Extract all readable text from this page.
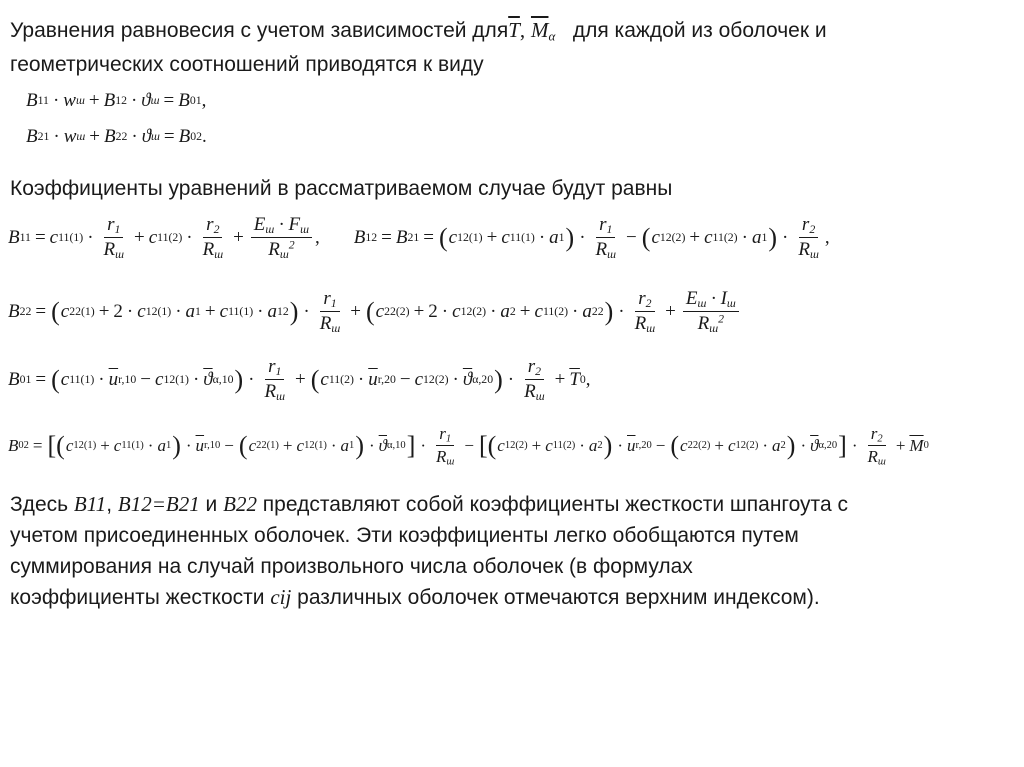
Уравнения равновесия с учетом зависимостей $для\overline{T}$, $\overline{M}_\alpha$ для каждой из оболочек и
геометрических соотношений приводятся к виду
B 11 · w ш + B 12 · ϑ ш = B 01 ,
B 21 · w ш + B 22 · ϑ ш = B 02 .
Коэффициенты уравнений в рассматриваемом случае будут равны
B 11 = c 11 $(1) \cdot \frac{r_1}{R_ш} + c$ 11 $(2) \cdot \frac{r_2}{R_ш} + \frac{E_ш \cdot F_ш}{R_ш^2}$ , B 12 = B 21 = ( c 12 (1) + c 11 (1) · a 1 ) · $\frac{r_1}{R_ш}$ − ( c 12 (2) + c 11 (2) · a 1 ) · $\frac{r_2}{R_ш}$ ,
B 22 = ( c 22 (1) + 2 · c 12 (1) · a 1 + c 11 (1) · a 1 2 ) · $\frac{r_1}{R_ш}$ + ( c 22 (2) + 2 · c 12 (2) · a 2 + c 11 (2) · a 2 2 ) · $\frac{r_2}{R_ш} + \frac{E_ш \cdot I_ш}{R_ш^2}$
B 01 = ( c 11 $(1) \cdot \overline{u}$ r,1 0 − c 12 $(1) \cdot \overline{ϑ}$ α,1 0 ) · $\frac{r_1}{R_ш}$ + ( c 11 $(2) \cdot \overline{u}$ r,2 0 − c 12 $(2) \cdot \overline{ϑ}$ α,2 0 ) · $\frac{r_2}{R_ш} + \overline{T}$ 0 ,
B 02 = [( c 12 (1) + c 11 (1) · a 1 ) · $\overline{u}$ r,1 0 − ( c 22 (1) + c 12 (1) · a 1 ) · $\overline{ϑ}$ α,1 0 ] · $\frac{r_1}{R_ш}$ − [( c 12 (2) + c 11 (2) · a 2 ) · $\overline{u}$ r,2 0 − ( c 22 (2) + c 12 (2) · a 2 ) · $\overline{ϑ}$ α,2 0 ] · $\frac{r_2}{R_ш} + \overline{M}$ 0
Здесь B11, B12=B21 и B22 представляют собой коэффициенты жесткости шпангоута с
учетом присоединенных оболочек. Эти коэффициенты легко обобщаются путем
суммирования на случай произвольного числа оболочек (в формулах
коэффициенты жесткости cij различных оболочек отмечаются верхним индексом).
